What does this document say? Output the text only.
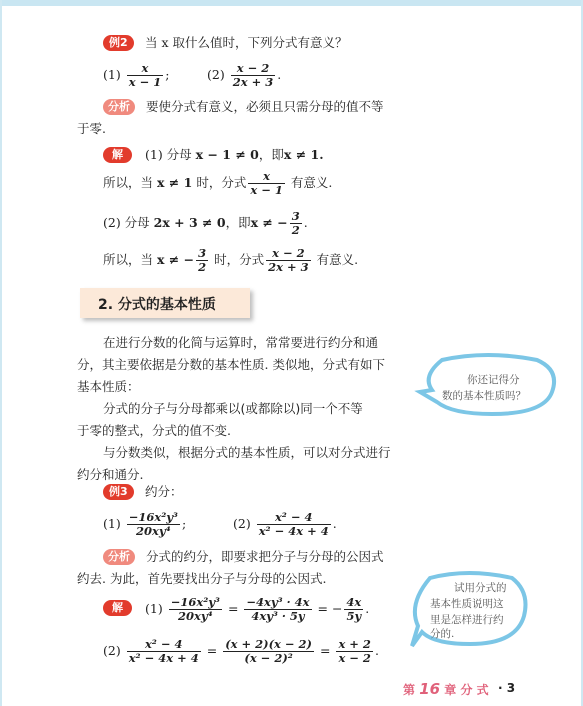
例2	当 x 取什么值时，下列分式有意义？
$(1) \frac{x}{x - 1}$ ;	$(2) \frac{x - 2}{2x + 3}$ .
分析	要使分式有意义，必须且只需分母的值不等
于零.
解	(1) 分母 x − 1 ≠ 0，即x ≠ 1.
所以，当 x ≠ 1 时，分式 $\frac{x}{x - 1}$ 有意义.
(2) 分母 2x + 3 ≠ 0，即x ≠ − $\frac{3}{2}$ .
所以，当 x ≠ − $\frac{3}{2}$ 时，分式 $\frac{x - 2}{2x + 3}$ 有意义.
2. 分式的基本性质
在进行分数的化简与运算时，常常要进行约分和通
分，其主要依据是分数的基本性质. 类似地，分式有如下
基本性质：
分式的分子与分母都乘以(或都除以)同一个不等
于零的整式，分式的值不变.
与分数类似，根据分式的基本性质，可以对分式进行
约分和通分.
你还记得分
数的基本性质吗？
例3	约分：
$(1) \frac{\text{−16x²y³}}{\text{20xy⁴}}$ ;	$(2) \frac{\text{x² − 4}}{\text{x² − 4x + 4}}$ .
分析	分式的约分，即要求把分子与分母的公因式
约去. 为此，首先要找出分子与分母的公因式.
解	$(1) \frac{\text{−16x²y³}}{\text{20xy⁴}} = \frac{\text{−4xy³ · 4x}}{\text{4xy³ · 5y}}$ = − $\frac{4x}{5y}$ .
$(2) \frac{\text{x² − 4}}{\text{x² − 4x + 4}} = \frac{(x + 2)(x - 2)}{\text{(x − 2)²}} = \frac{x + 2}{x - 2}$ .
试用分式的
基本性质说明这
里是怎样进行约
分的.
第 16 章 分 式 · 3
